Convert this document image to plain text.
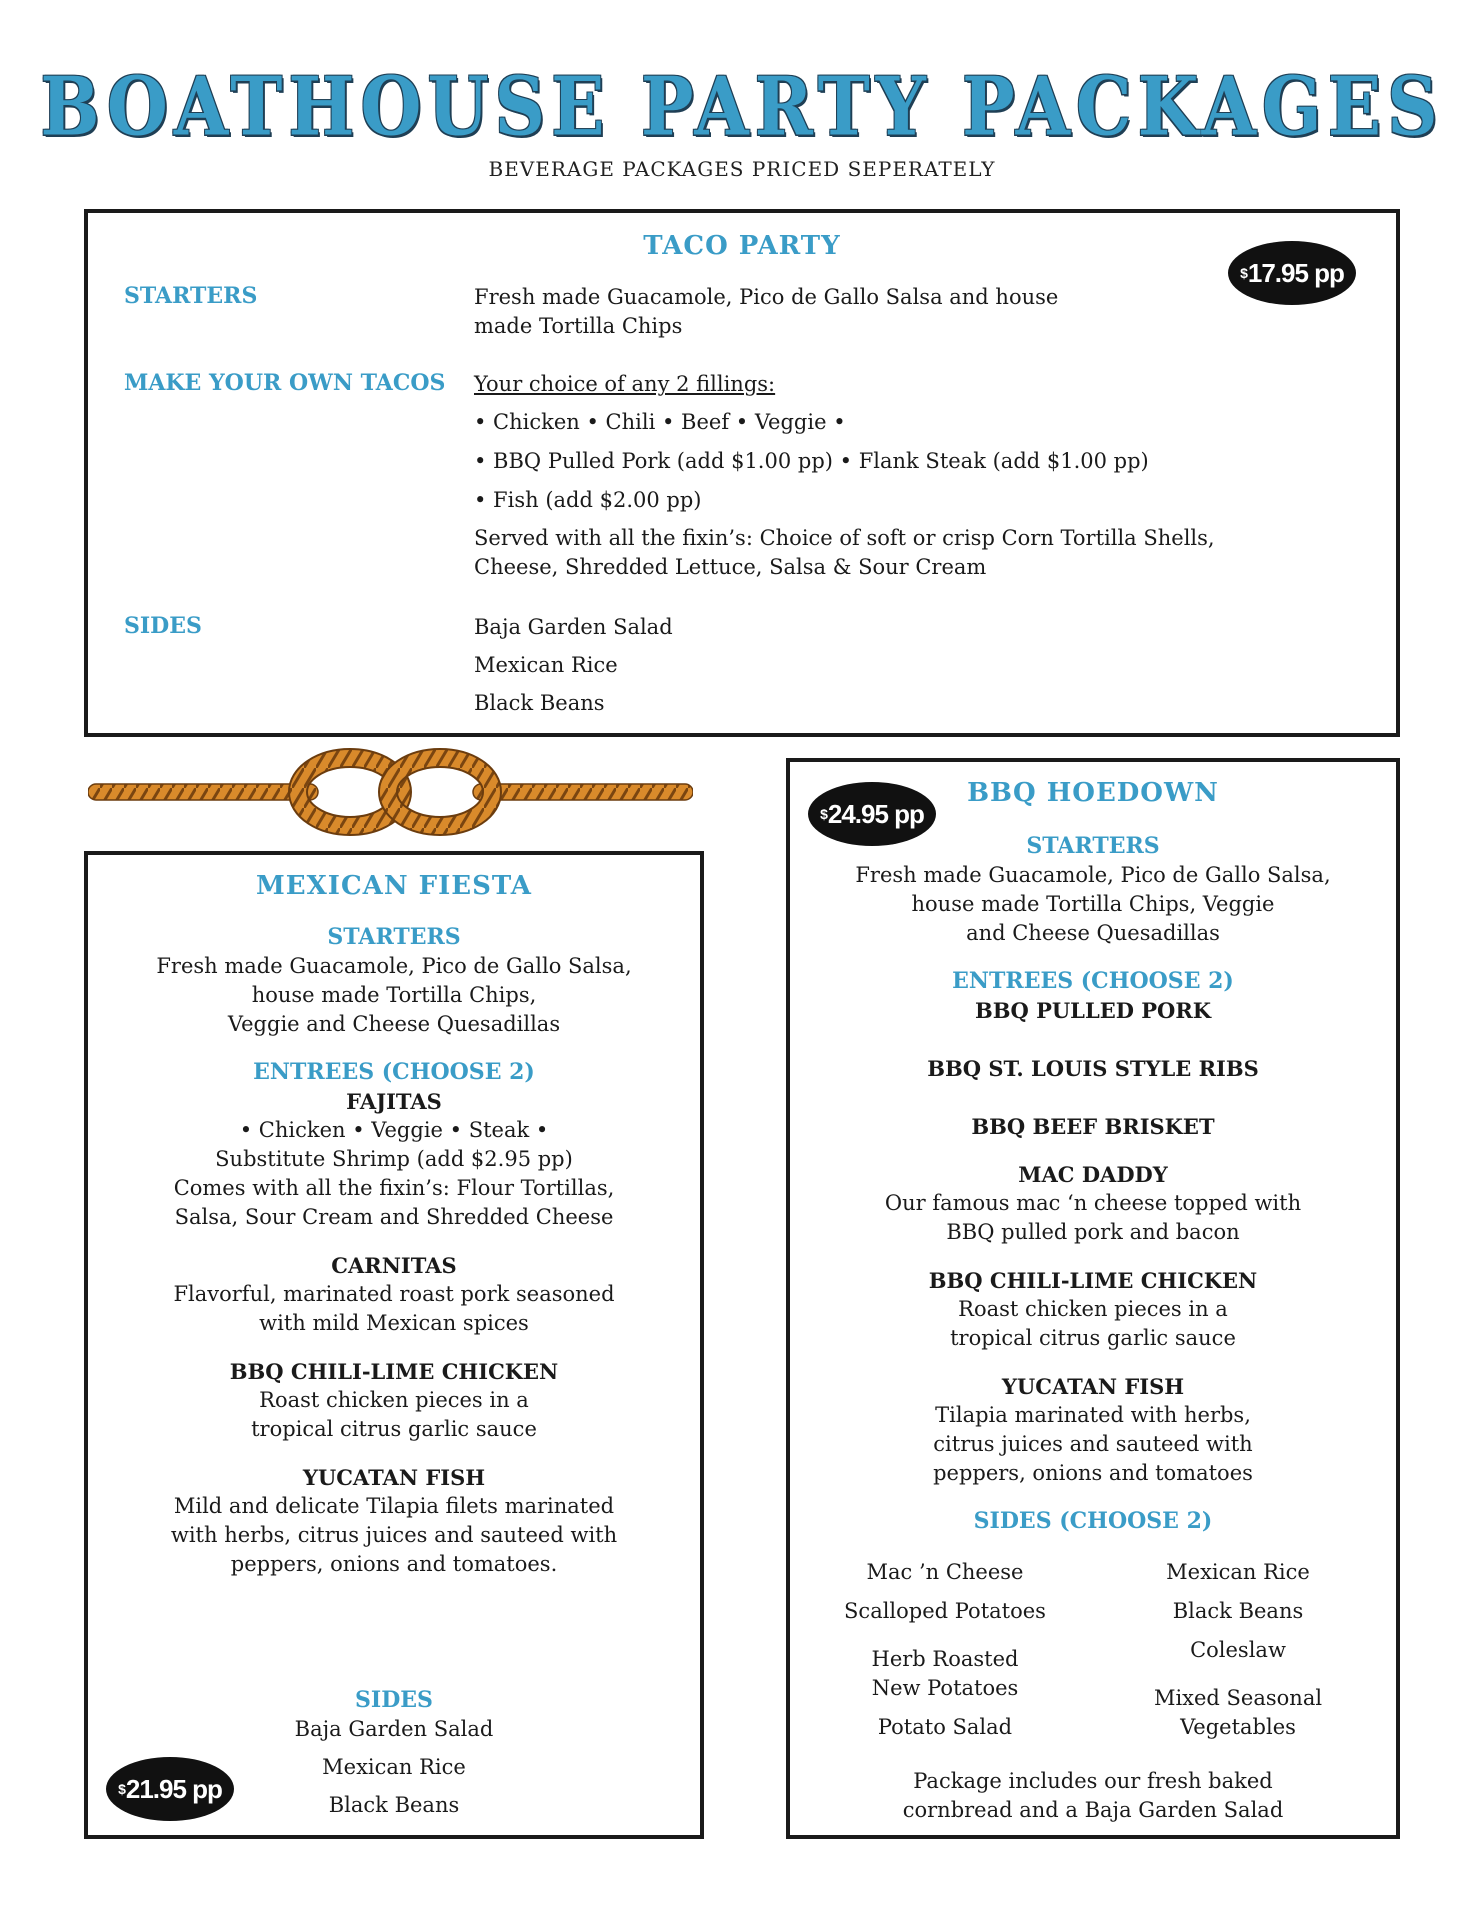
BOATHOUSE PARTY PACKAGES
BEVERAGE PACKAGES PRICED SEPERATELY
TACO PARTY
$ 17.95 pp
STARTERS	Fresh made Guacamole, Pico de Gallo Salsa and house
made Tortilla Chips
MAKE YOUR OWN TACOS Your choice of any 2 fillings:
• Chicken • Chili • Beef • Veggie •
• BBQ Pulled Pork (add $1.00 pp) • Flank Steak (add $1.00 pp)
• Fish (add $2.00 pp)
Served with all the fixin’s: Choice of soft or crisp Corn Tortilla Shells,
Cheese, Shredded Lettuce, Salsa & Sour Cream
SIDES	Baja Garden Salad
Mexican Rice
Black Beans
MEXICAN FIESTA
STARTERS
Fresh made Guacamole, Pico de Gallo Salsa,
house made Tortilla Chips,
Veggie and Cheese Quesadillas
ENTREES (CHOOSE 2)
FAJITAS
• Chicken • Veggie • Steak •
Substitute Shrimp (add $2.95 pp)
Comes with all the fixin’s: Flour Tortillas,
Salsa, Sour Cream and Shredded Cheese
CARNITAS
Flavorful, marinated roast pork seasoned
with mild Mexican spices
BBQ CHILI-LIME CHICKEN
Roast chicken pieces in a
tropical citrus garlic sauce
YUCATAN FISH
Mild and delicate Tilapia filets marinated
with herbs, citrus juices and sauteed with
peppers, onions and tomatoes.
SIDES
Baja Garden Salad
Mexican Rice
Black Beans
$ 21.95 pp
$ 24.95 pp
BBQ HOEDOWN
STARTERS
Fresh made Guacamole, Pico de Gallo Salsa,
house made Tortilla Chips, Veggie
and Cheese Quesadillas
ENTREES (CHOOSE 2)
BBQ PULLED PORK
BBQ ST. LOUIS STYLE RIBS
BBQ BEEF BRISKET
MAC DADDY
Our famous mac ‘n cheese topped with
BBQ pulled pork and bacon
BBQ CHILI-LIME CHICKEN
Roast chicken pieces in a
tropical citrus garlic sauce
YUCATAN FISH
Tilapia marinated with herbs,
citrus juices and sauteed with
peppers, onions and tomatoes
SIDES (CHOOSE 2)
Mac ’n Cheese
Scalloped Potatoes
Herb Roasted
New Potatoes
Potato Salad
Mexican Rice
Black Beans
Coleslaw
Mixed Seasonal
Vegetables
Package includes our fresh baked
cornbread and a Baja Garden Salad
